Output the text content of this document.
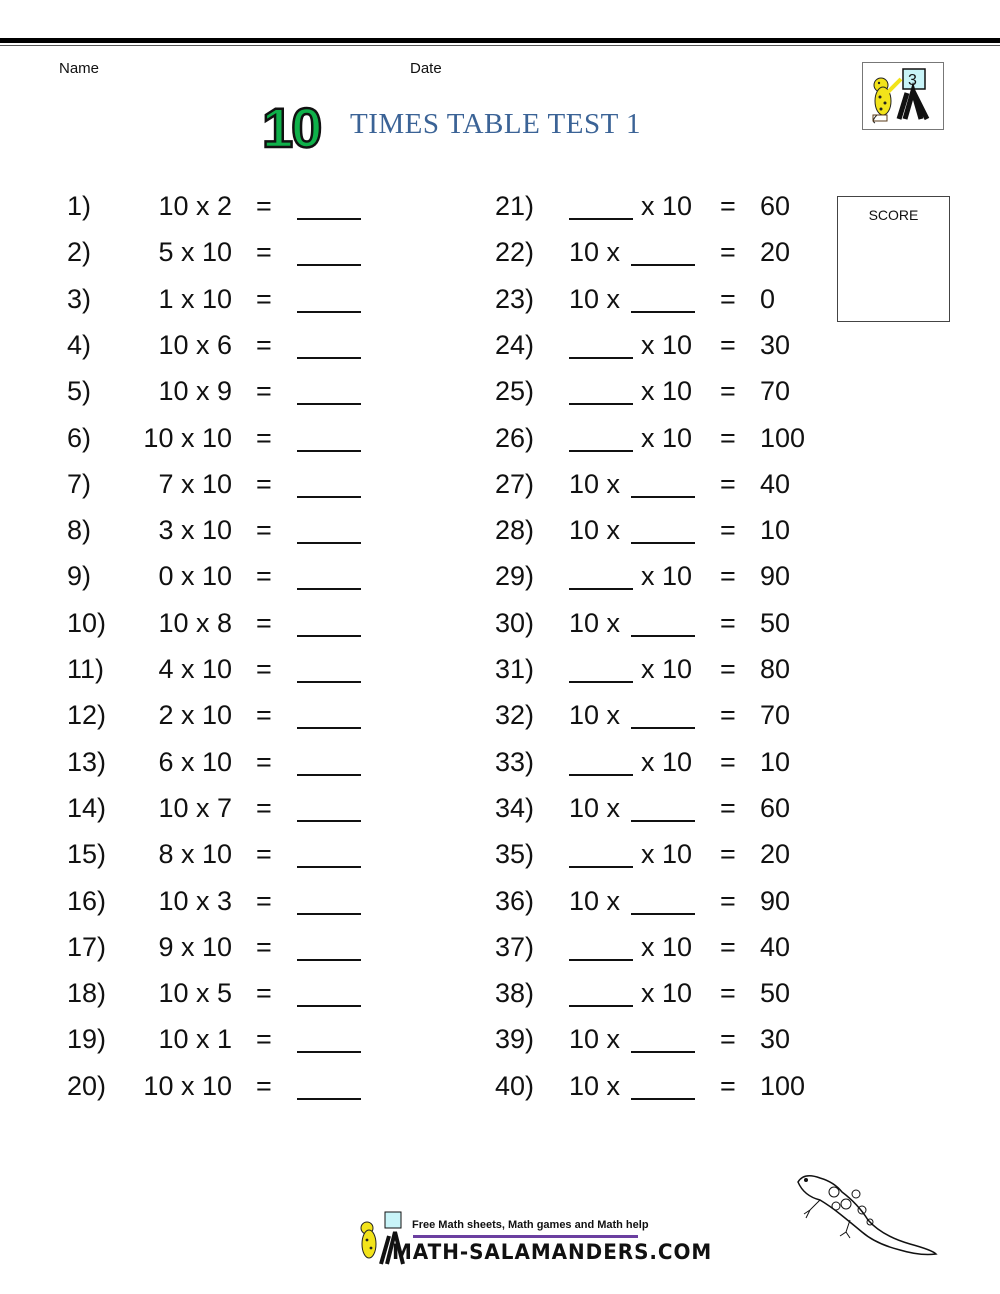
Name	Date
3
10 TIMES TABLE TEST 1
1) 10 x 2 =
2) 5 x 10 =
3) 1 x 10 =
4) 10 x 6 =
5) 10 x 9 =
6) 10 x 10 =
7) 7 x 10 =
8) 3 x 10 =
9) 0 x 10 =
10) 10 x 8 =
11) 4 x 10 =
12) 2 x 10 =
13) 6 x 10 =
14) 10 x 7 =
15) 8 x 10 =
16) 10 x 3 =
17) 9 x 10 =
18) 10 x 5 =
19) 10 x 1 =
20) 10 x 10 =
21)	x 10 = 60
22) 10 x	= 20
23) 10 x	= 0
24)	x 10 = 30
25)	x 10 = 70
26)	x 10 = 100
27) 10 x	= 40
28) 10 x	= 10
29)	x 10 = 90
30) 10 x	= 50
31)	x 10 = 80
32) 10 x	= 70
33)	x 10 = 10
34) 10 x	= 60
35)	x 10 = 20
36) 10 x	= 90
37)	x 10 = 40
38)	x 10 = 50
39) 10 x	= 30
40) 10 x	= 100
SCORE
Free Math sheets, Math games and Math help
MATH-SALAMANDERS.COM
